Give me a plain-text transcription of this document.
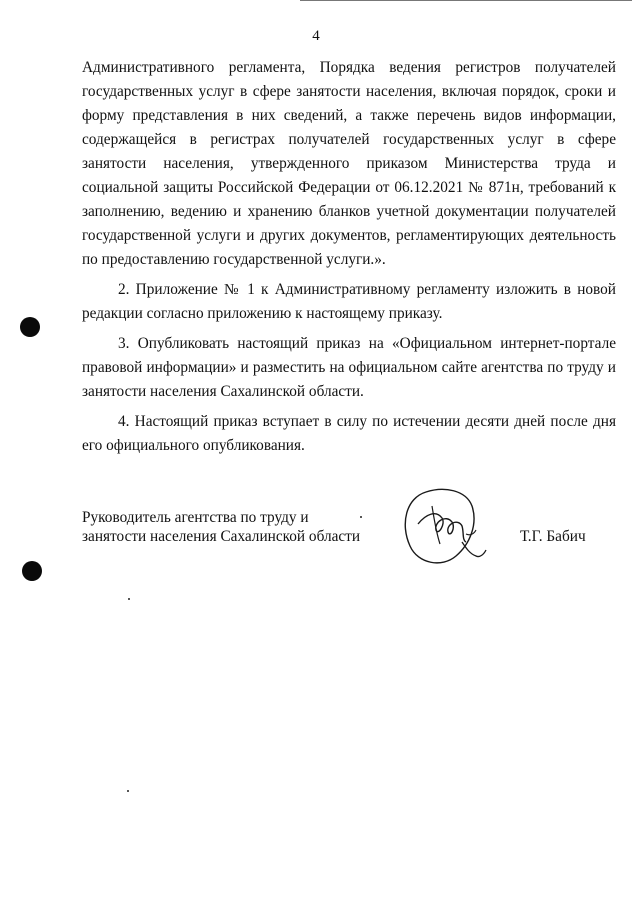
4

Административного регламента, Порядка ведения регистров получателей государственных услуг в сфере занятости населения, включая порядок, сроки и форму представления в них сведений, а также перечень видов информации, содержащейся в регистрах получателей государственных услуг в сфере занятости населения, утвержденного приказом Министерства труда и социальной защиты Российской Федерации от 06.12.2021 № 871н, требований к заполнению, ведению и хранению бланков учетной документации получателей государственной услуги и других документов, регламентирующих деятельность по предоставлению государственной услуги.».

2. Приложение № 1 к Административному регламенту изложить в новой редакции согласно приложению к настоящему приказу.

3. Опубликовать настоящий приказ на «Официальном интернет-портале правовой информации» и разместить на официальном сайте агентства по труду и занятости населения Сахалинской области.

4. Настоящий приказ вступает в силу по истечении десяти дней после дня его официального опубликования.

Руководитель агентства по труду и
занятости населения Сахалинской области	Т.Г. Бабич
